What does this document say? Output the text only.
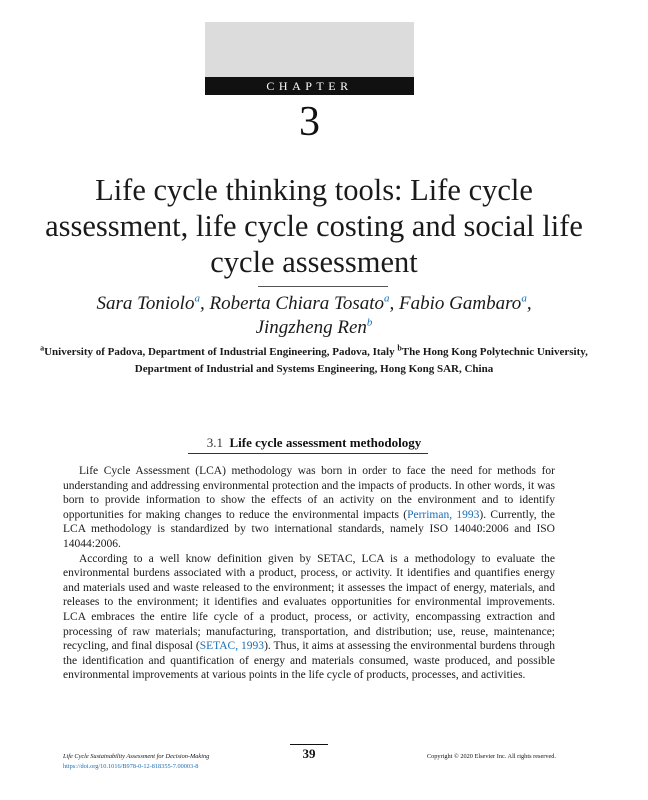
CHAPTER
3
Life cycle thinking tools: Life cycle assessment, life cycle costing and social life cycle assessment
Sara Toniolo$^a$, Roberta Chiara Tosato$^a$, Fabio Gambaro$^a$,
Jingzheng Ren$^b$
$^a$University of Padova, Department of Industrial Engineering, Padova, Italy $^b$The Hong Kong Polytechnic University, Department of Industrial and Systems Engineering, Hong Kong SAR, China
3.1 Life cycle assessment methodology

Life Cycle Assessment (LCA) methodology was born in order to face the need for methods for understanding and addressing environmental protection and the impacts of products. In other words, it was born to provide information to show the effects of an activity on the environment and to identify opportunities for making changes to reduce the environmental impacts (Perriman, 1993). Currently, the LCA methodology is standardized by two international standards, namely ISO 14040:2006 and ISO 14044:2006.

According to a well know definition given by SETAC, LCA is a methodology to evaluate the environmental burdens associated with a product, process, or activity. It identifies and quantifies energy and materials used and waste released to the environment; it assesses the impact of energy, materials, and releases to the environment; it identifies and evaluates opportunities for environmental improvements. LCA embraces the entire life cycle of a product, process, or activity, encompassing extraction and processing of raw materials; manufacturing, transportation, and distribution; use, reuse, maintenance; recycling, and final disposal (SETAC, 1993). Thus, it aims at assessing the environmental burdens through the identification and quantification of energy and materials consumed, waste produced, and possible environmental improvements at various points in the life cycle of products, processes, and activities.

39
Life Cycle Sustainability Assessment for Decision-Making
https://doi.org/10.1016/B978-0-12-818355-7.00003-8
Copyright © 2020 Elsevier Inc. All rights reserved.
